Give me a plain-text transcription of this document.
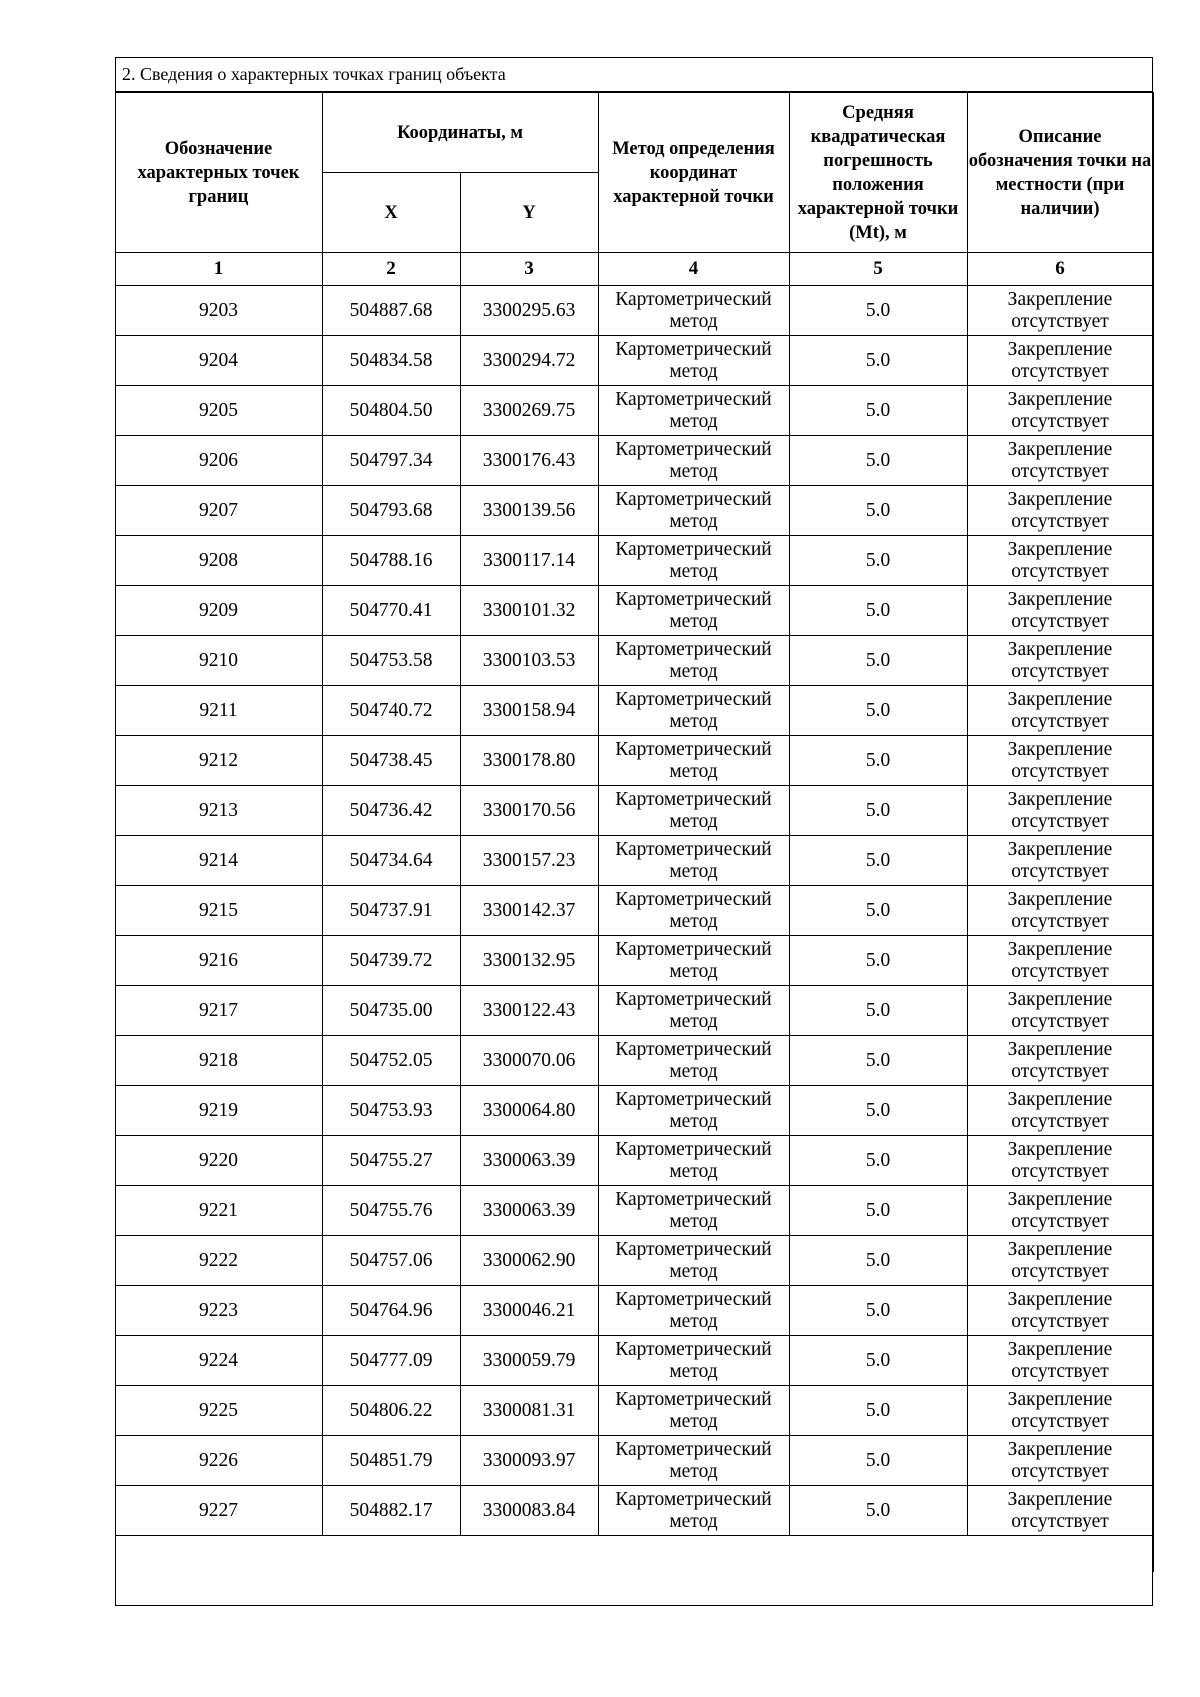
2. Сведения о характерных точках границ объекта
Обозначение характерных точек границ	Координаты, м		Метод определения координат характерной точки	Средняя квадратическая погрешность положения характерной точки (Mt), м	Описание обозначения точки на местности (при наличии)
	X	Y			
1	2	3	4	5	6
9203	504887.68	3300295.63	Картометрический метод	5.0	Закрепление отсутствует
9204	504834.58	3300294.72	Картометрический метод	5.0	Закрепление отсутствует
9205	504804.50	3300269.75	Картометрический метод	5.0	Закрепление отсутствует
9206	504797.34	3300176.43	Картометрический метод	5.0	Закрепление отсутствует
9207	504793.68	3300139.56	Картометрический метод	5.0	Закрепление отсутствует
9208	504788.16	3300117.14	Картометрический метод	5.0	Закрепление отсутствует
9209	504770.41	3300101.32	Картометрический метод	5.0	Закрепление отсутствует
9210	504753.58	3300103.53	Картометрический метод	5.0	Закрепление отсутствует
9211	504740.72	3300158.94	Картометрический метод	5.0	Закрепление отсутствует
9212	504738.45	3300178.80	Картометрический метод	5.0	Закрепление отсутствует
9213	504736.42	3300170.56	Картометрический метод	5.0	Закрепление отсутствует
9214	504734.64	3300157.23	Картометрический метод	5.0	Закрепление отсутствует
9215	504737.91	3300142.37	Картометрический метод	5.0	Закрепление отсутствует
9216	504739.72	3300132.95	Картометрический метод	5.0	Закрепление отсутствует
9217	504735.00	3300122.43	Картометрический метод	5.0	Закрепление отсутствует
9218	504752.05	3300070.06	Картометрический метод	5.0	Закрепление отсутствует
9219	504753.93	3300064.80	Картометрический метод	5.0	Закрепление отсутствует
9220	504755.27	3300063.39	Картометрический метод	5.0	Закрепление отсутствует
9221	504755.76	3300063.39	Картометрический метод	5.0	Закрепление отсутствует
9222	504757.06	3300062.90	Картометрический метод	5.0	Закрепление отсутствует
9223	504764.96	3300046.21	Картометрический метод	5.0	Закрепление отсутствует
9224	504777.09	3300059.79	Картометрический метод	5.0	Закрепление отсутствует
9225	504806.22	3300081.31	Картометрический метод	5.0	Закрепление отсутствует
9226	504851.79	3300093.97	Картометрический метод	5.0	Закрепление отсутствует
9227	504882.17	3300083.84	Картометрический метод	5.0	Закрепление отсутствует
